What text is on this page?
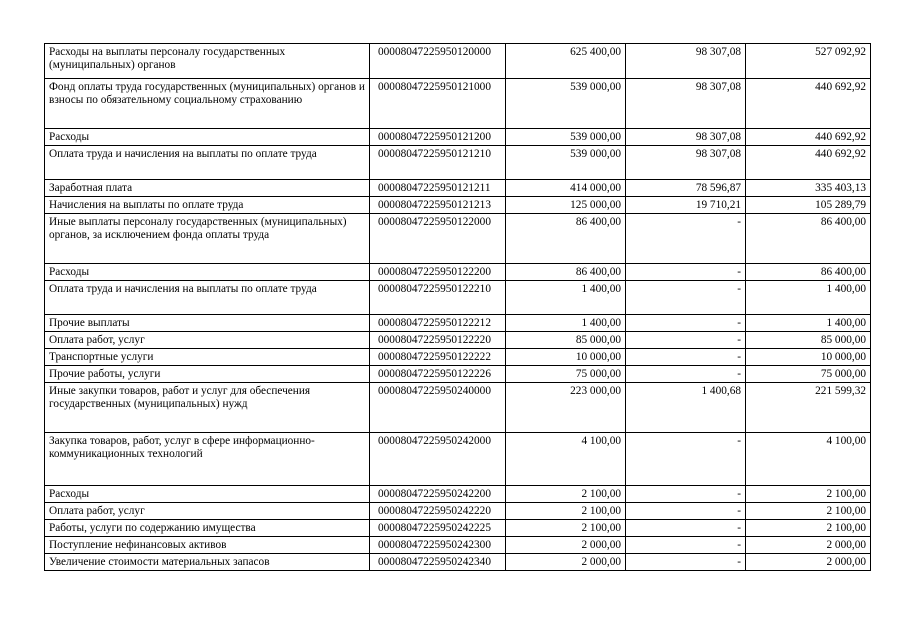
Расходы на выплаты персоналу государственных (муниципальных) органов	00008047225950120000	625 400,00	98 307,08	527 092,92
Фонд оплаты труда государственных (муниципальных) органов и взносы по обязательному социальному страхованию	00008047225950121000	539 000,00	98 307,08	440 692,92
Расходы	00008047225950121200	539 000,00	98 307,08	440 692,92
Оплата труда и начисления на выплаты по оплате труда	00008047225950121210	539 000,00	98 307,08	440 692,92
Заработная плата	00008047225950121211	414 000,00	78 596,87	335 403,13
Начисления на выплаты по оплате труда	00008047225950121213	125 000,00	19 710,21	105 289,79
Иные выплаты персоналу государственных (муниципальных) органов, за исключением фонда оплаты труда	00008047225950122000	86 400,00	-	86 400,00
Расходы	00008047225950122200	86 400,00	-	86 400,00
Оплата труда и начисления на выплаты по оплате труда	00008047225950122210	1 400,00	-	1 400,00
Прочие выплаты	00008047225950122212	1 400,00	-	1 400,00
Оплата работ, услуг	00008047225950122220	85 000,00	-	85 000,00
Транспортные услуги	00008047225950122222	10 000,00	-	10 000,00
Прочие работы, услуги	00008047225950122226	75 000,00	-	75 000,00
Иные закупки товаров, работ и услуг для обеспечения государственных (муниципальных) нужд	00008047225950240000	223 000,00	1 400,68	221 599,32
Закупка товаров, работ, услуг в сфере информационно-коммуникационных технологий	00008047225950242000	4 100,00	-	4 100,00
Расходы	00008047225950242200	2 100,00	-	2 100,00
Оплата работ, услуг	00008047225950242220	2 100,00	-	2 100,00
Работы, услуги по содержанию имущества	00008047225950242225	2 100,00	-	2 100,00
Поступление нефинансовых активов	00008047225950242300	2 000,00	-	2 000,00
Увеличение стоимости материальных запасов	00008047225950242340	2 000,00	-	2 000,00
